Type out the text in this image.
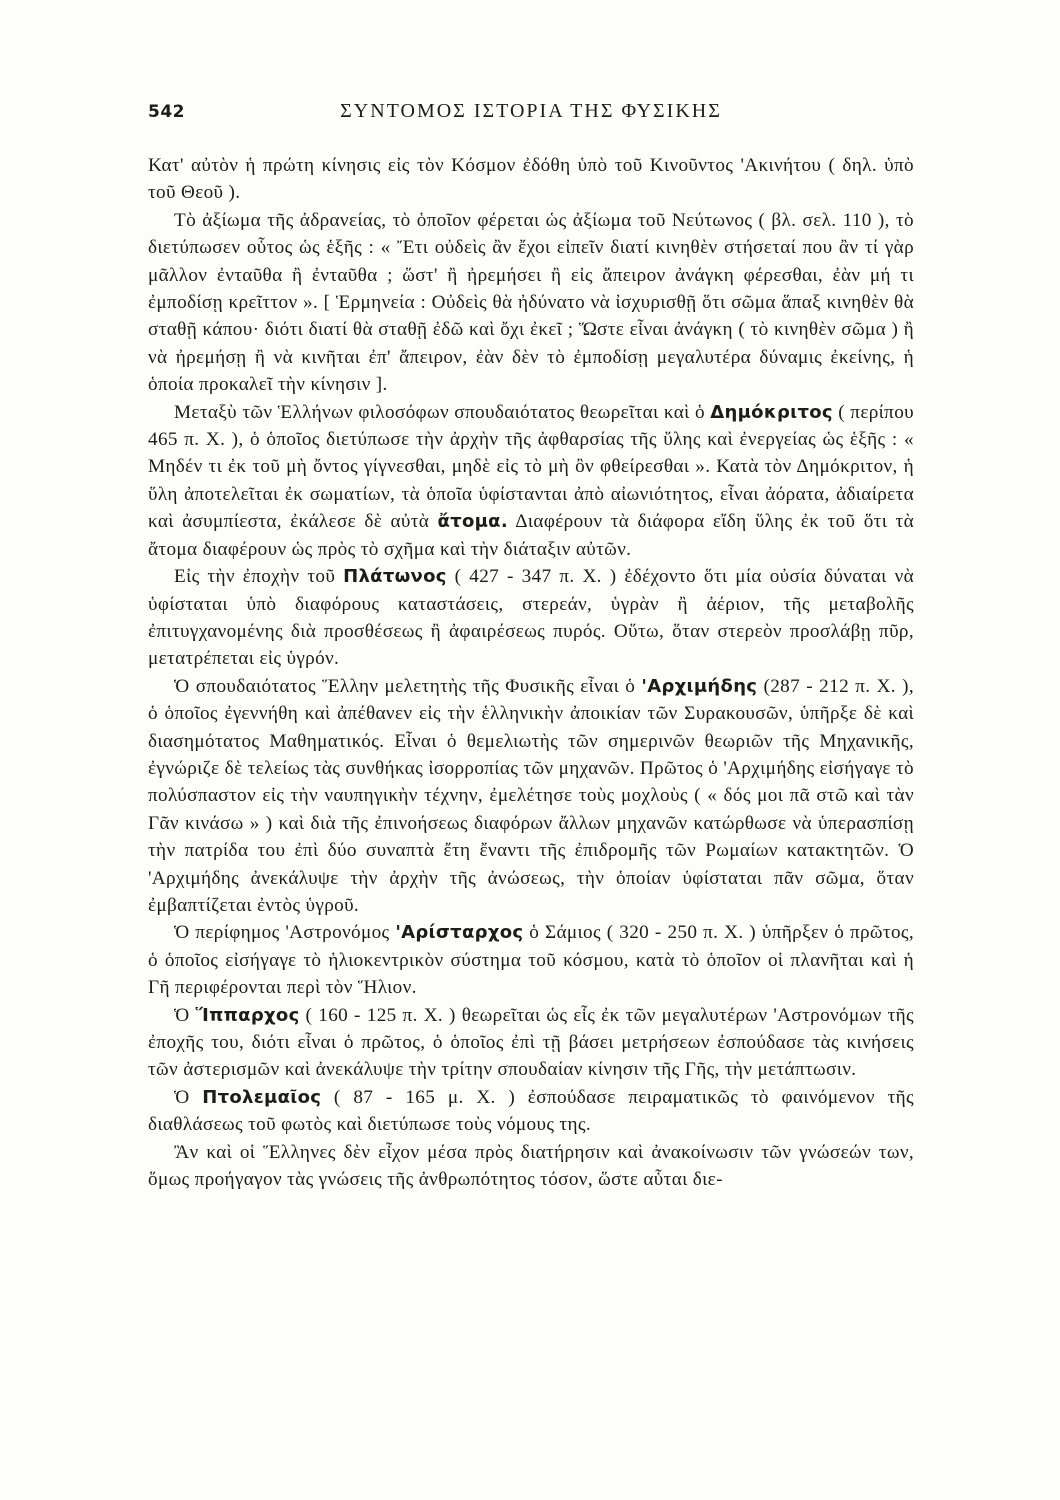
542	ΣΥΝΤΟΜΟΣ ΙΣΤΟΡΙΑ ΤΗΣ ΦΥΣΙΚΗΣ

Κατ' αὐτὸν ἡ πρώτη κίνησις εἰς τὸν Κόσμον ἐδόθη ὑπὸ τοῦ Κινοῦντος 'Ακινήτου ( δηλ. ὑπὸ τοῦ Θεοῦ ).

Τὸ ἀξίωμα τῆς ἀδρανείας, τὸ ὁποῖον φέρεται ὡς ἀξίωμα τοῦ Νεύτωνος ( βλ. σελ. 110 ), τὸ διετύπωσεν οὗτος ὡς ἑξῆς : « Ἔτι οὐδεὶς ἂν ἔχοι εἰπεῖν διατί κινηθὲν στήσεταί που ἂν τί γὰρ μᾶλλον ἐνταῦθα ἢ ἐνταῦθα ; ὥστ' ἢ ἠρεμήσει ἢ εἰς ἄπειρον ἀνάγκη φέρεσθαι, ἐὰν μή τι ἐμποδίσῃ κρεῖττον ». [ Ἑρμηνεία : Οὐδεὶς θὰ ἠδύνατο νὰ ἰσχυρισθῇ ὅτι σῶμα ἅπαξ κινηθὲν θὰ σταθῇ κάπου· διότι διατί θὰ σταθῇ ἐδῶ καὶ ὄχι ἐκεῖ ; Ὥστε εἶναι ἀνάγκη ( τὸ κινηθὲν σῶμα ) ἢ νὰ ἠρεμήσῃ ἢ νὰ κινῆται ἐπ' ἄπειρον, ἐὰν δὲν τὸ ἐμποδίσῃ μεγαλυτέρα δύναμις ἐκείνης, ἡ ὁποία προκαλεῖ τὴν κίνησιν ].

Μεταξὺ τῶν Ἑλλήνων φιλοσόφων σπουδαιότατος θεωρεῖται καὶ ὁ Δημόκριτος ( περίπου 465 π. Χ. ), ὁ ὁποῖος διετύπωσε τὴν ἀρχὴν τῆς ἀφθαρσίας τῆς ὕλης καὶ ἐνεργείας ὡς ἑξῆς : « Μηδέν τι ἐκ τοῦ μὴ ὄντος γίγνεσθαι, μηδὲ εἰς τὸ μὴ ὂν φθείρεσθαι ». Κατὰ τὸν Δημόκριτον, ἡ ὕλη ἀποτελεῖται ἐκ σωματίων, τὰ ὁποῖα ὑφίστανται ἀπὸ αἰωνιότητος, εἶναι ἀόρατα, ἀδιαίρετα καὶ ἀσυμπίεστα, ἐκάλεσε δὲ αὐτὰ ἄτομα. Διαφέρουν τὰ διάφορα εἴδη ὕλης ἐκ τοῦ ὅτι τὰ ἄτομα διαφέρουν ὡς πρὸς τὸ σχῆμα καὶ τὴν διάταξιν αὐτῶν.

Εἰς τὴν ἐποχὴν τοῦ Πλάτωνος ( 427 - 347 π. Χ. ) ἐδέχοντο ὅτι μία οὐσία δύναται νὰ ὑφίσταται ὑπὸ διαφόρους καταστάσεις, στερεάν, ὑγρὰν ἢ ἀέριον, τῆς μεταβολῆς ἐπιτυγχανομένης διὰ προσθέσεως ἢ ἀφαιρέσεως πυρός. Οὕτω, ὅταν στερεὸν προσλάβῃ πῦρ, μετατρέπεται εἰς ὑγρόν.

Ὁ σπουδαιότατος Ἕλλην μελετητὴς τῆς Φυσικῆς εἶναι ὁ 'Αρχιμήδης (287 - 212 π. Χ. ), ὁ ὁποῖος ἐγεννήθη καὶ ἀπέθανεν εἰς τὴν ἑλληνικὴν ἀποικίαν τῶν Συρακουσῶν, ὑπῆρξε δὲ καὶ διασημότατος Μαθηματικός. Εἶναι ὁ θεμελιωτὴς τῶν σημερινῶν θεωριῶν τῆς Μηχανικῆς, ἐγνώριζε δὲ τελείως τὰς συνθήκας ἰσορροπίας τῶν μηχανῶν. Πρῶτος ὁ 'Αρχιμήδης εἰσήγαγε τὸ πολύσπαστον εἰς τὴν ναυπηγικὴν τέχνην, ἐμελέτησε τοὺς μοχλοὺς ( « δός μοι πᾶ στῶ καὶ τὰν Γᾶν κινάσω » ) καὶ διὰ τῆς ἐπινοήσεως διαφόρων ἄλλων μηχανῶν κατώρθωσε νὰ ὑπερασπίσῃ τὴν πατρίδα του ἐπὶ δύο συναπτὰ ἔτη ἔναντι τῆς ἐπιδρομῆς τῶν Ρωμαίων κατακτητῶν. Ὁ 'Αρχιμήδης ἀνεκάλυψε τὴν ἀρχὴν τῆς ἀνώσεως, τὴν ὁποίαν ὑφίσταται πᾶν σῶμα, ὅταν ἐμβαπτίζεται ἐντὸς ὑγροῦ.

Ὁ περίφημος 'Αστρονόμος 'Αρίσταρχος ὁ Σάμιος ( 320 - 250 π. Χ. ) ὑπῆρξεν ὁ πρῶτος, ὁ ὁποῖος εἰσήγαγε τὸ ἡλιοκεντρικὸν σύστημα τοῦ κόσμου, κατὰ τὸ ὁποῖον οἱ πλανῆται καὶ ἡ Γῆ περιφέρονται περὶ τὸν Ἥλιον.

Ὁ Ἵππαρχος ( 160 - 125 π. Χ. ) θεωρεῖται ὡς εἷς ἐκ τῶν μεγαλυτέρων 'Αστρονόμων τῆς ἐποχῆς του, διότι εἶναι ὁ πρῶτος, ὁ ὁποῖος ἐπὶ τῇ βάσει μετρήσεων ἐσπούδασε τὰς κινήσεις τῶν ἀστερισμῶν καὶ ἀνεκάλυψε τὴν τρίτην σπουδαίαν κίνησιν τῆς Γῆς, τὴν μετάπτωσιν.

Ὁ Πτολεμαῖος ( 87 - 165 μ. Χ. ) ἐσπούδασε πειραματικῶς τὸ φαινόμενον τῆς διαθλάσεως τοῦ φωτὸς καὶ διετύπωσε τοὺς νόμους της.

Ἂν καὶ οἱ Ἕλληνες δὲν εἶχον μέσα πρὸς διατήρησιν καὶ ἀνακοίνωσιν τῶν γνώσεών των, ὅμως προήγαγον τὰς γνώσεις τῆς ἀνθρωπότητος τόσον, ὥστε αὗται διε-
